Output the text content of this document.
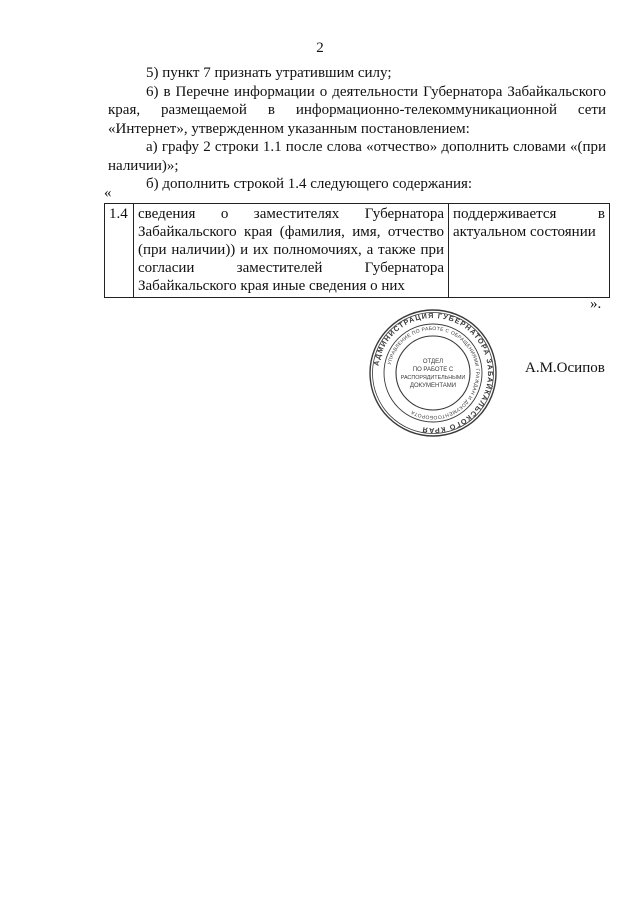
2

5) пункт 7 признать утратившим силу;

6) в Перечне информации о деятельности Губернатора Забайкальского края, размещаемой в информационно-телекоммуникационной сети «Интернет», утвержденном указанным постановлением:

а) графу 2 строки 1.1 после слова «отчество» дополнить словами «(при наличии)»;

б) дополнить строкой 1.4 следующего содержания:

«
1.4	сведения о заместителях Губернатора Забайкальского края (фамилия, имя, отчество (при наличии)) и их полномочиях, а также при согласии заместителей Губернатора Забайкальского края иные сведения о них	поддерживается в актуальном состоянии
».
АДМИНИСТРАЦИЯ ГУБЕРНАТОРА ЗАБАЙКАЛЬСКОГО КРАЯ
УПРАВЛЕНИЕ ПО РАБОТЕ С ОБРАЩЕНИЯМИ ГРАЖДАН И ДОКУМЕНТООБОРОТА
ОТДЕЛ
ПО РАБОТЕ С
РАСПОРЯДИТЕЛЬНЫМИ
ДОКУМЕНТАМИ
А.М.Осипов
